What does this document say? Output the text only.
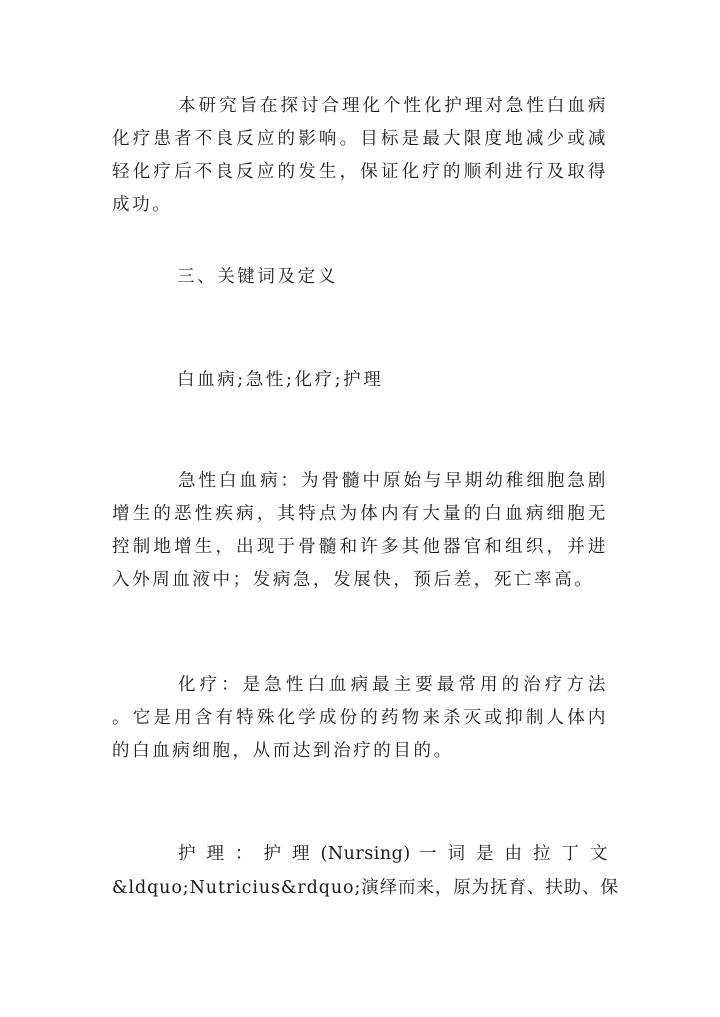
本研究旨在探讨合理化个性化护理对急性白血病化疗患者不良反应的影响。目标是最大限度地减少或减轻化疗后不良反应的发生，保证化疗的顺利进行及取得成功。

三、关键词及定义

白血病;急性;化疗;护理

急性白血病：为骨髓中原始与早期幼稚细胞急剧增生的恶性疾病，其特点为体内有大量的白血病细胞无控制地增生，出现于骨髓和许多其他器官和组织，并进入外周血液中；发病急，发展快，预后差，死亡率高。

化疗：是急性白血病最主要最常用的治疗方法 。它是用含有特殊化学成份的药物来杀灭或抑制人体内的白血病细胞，从而达到治疗的目的。

护 理 ： 护 理 (Nursing) 一 词 是 由 拉 丁 文

&ldquo;Nutricius&rdquo;演绎而来，原为抚育、扶助、保
